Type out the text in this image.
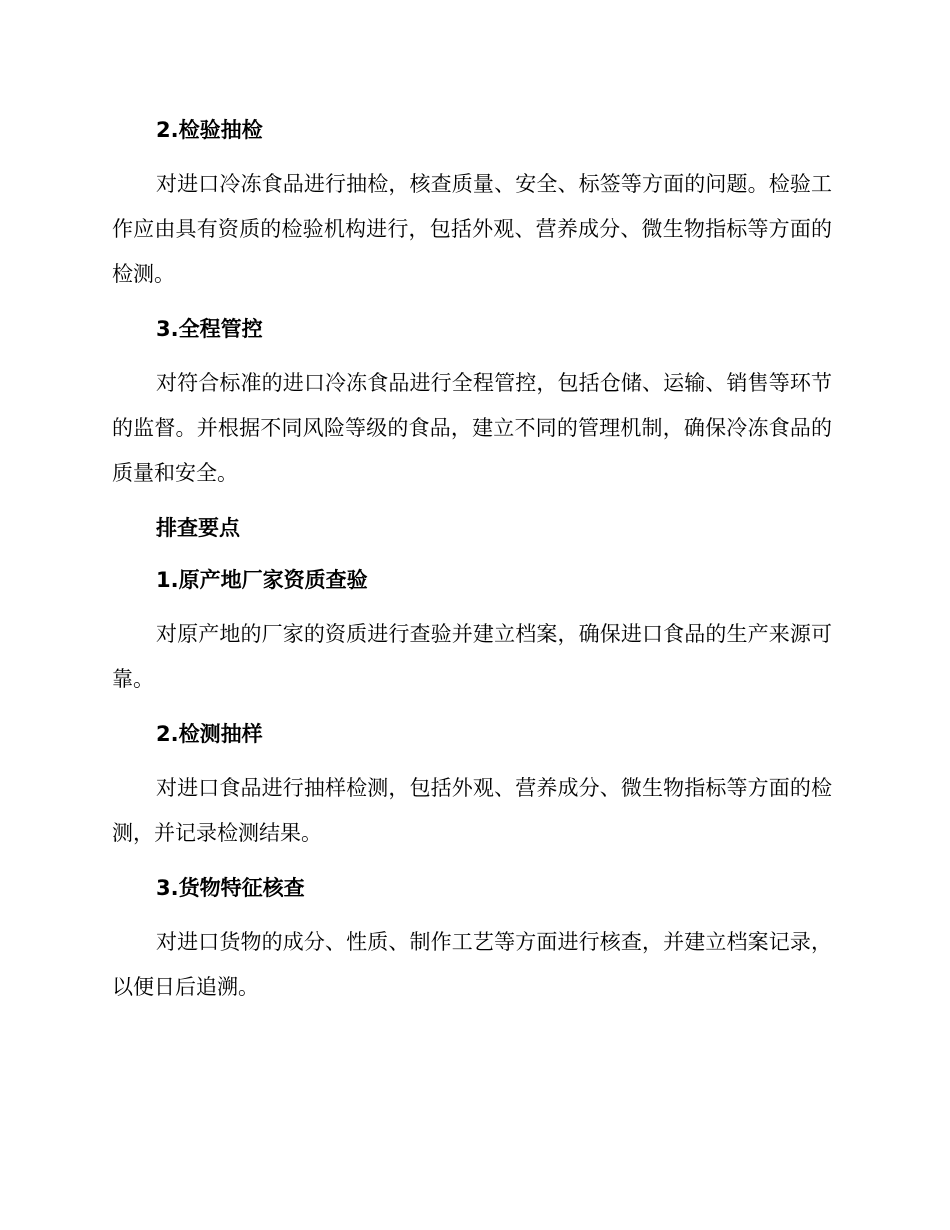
2.检验抽检

对进口冷冻食品进行抽检，核查质量、安全、标签等方面的问题。检验工作应由具有资质的检验机构进行，包括外观、营养成分、微生物指标等方面的检测。

3.全程管控

对符合标准的进口冷冻食品进行全程管控，包括仓储、运输、销售等环节的监督。并根据不同风险等级的食品，建立不同的管理机制，确保冷冻食品的质量和安全。

排查要点
1.原产地厂家资质查验

对原产地的厂家的资质进行查验并建立档案，确保进口食品的生产来源可靠。

2.检测抽样

对进口食品进行抽样检测，包括外观、营养成分、微生物指标等方面的检测，并记录检测结果。

3.货物特征核查

对进口货物的成分、性质、制作工艺等方面进行核查，并建立档案记录，以便日后追溯。
